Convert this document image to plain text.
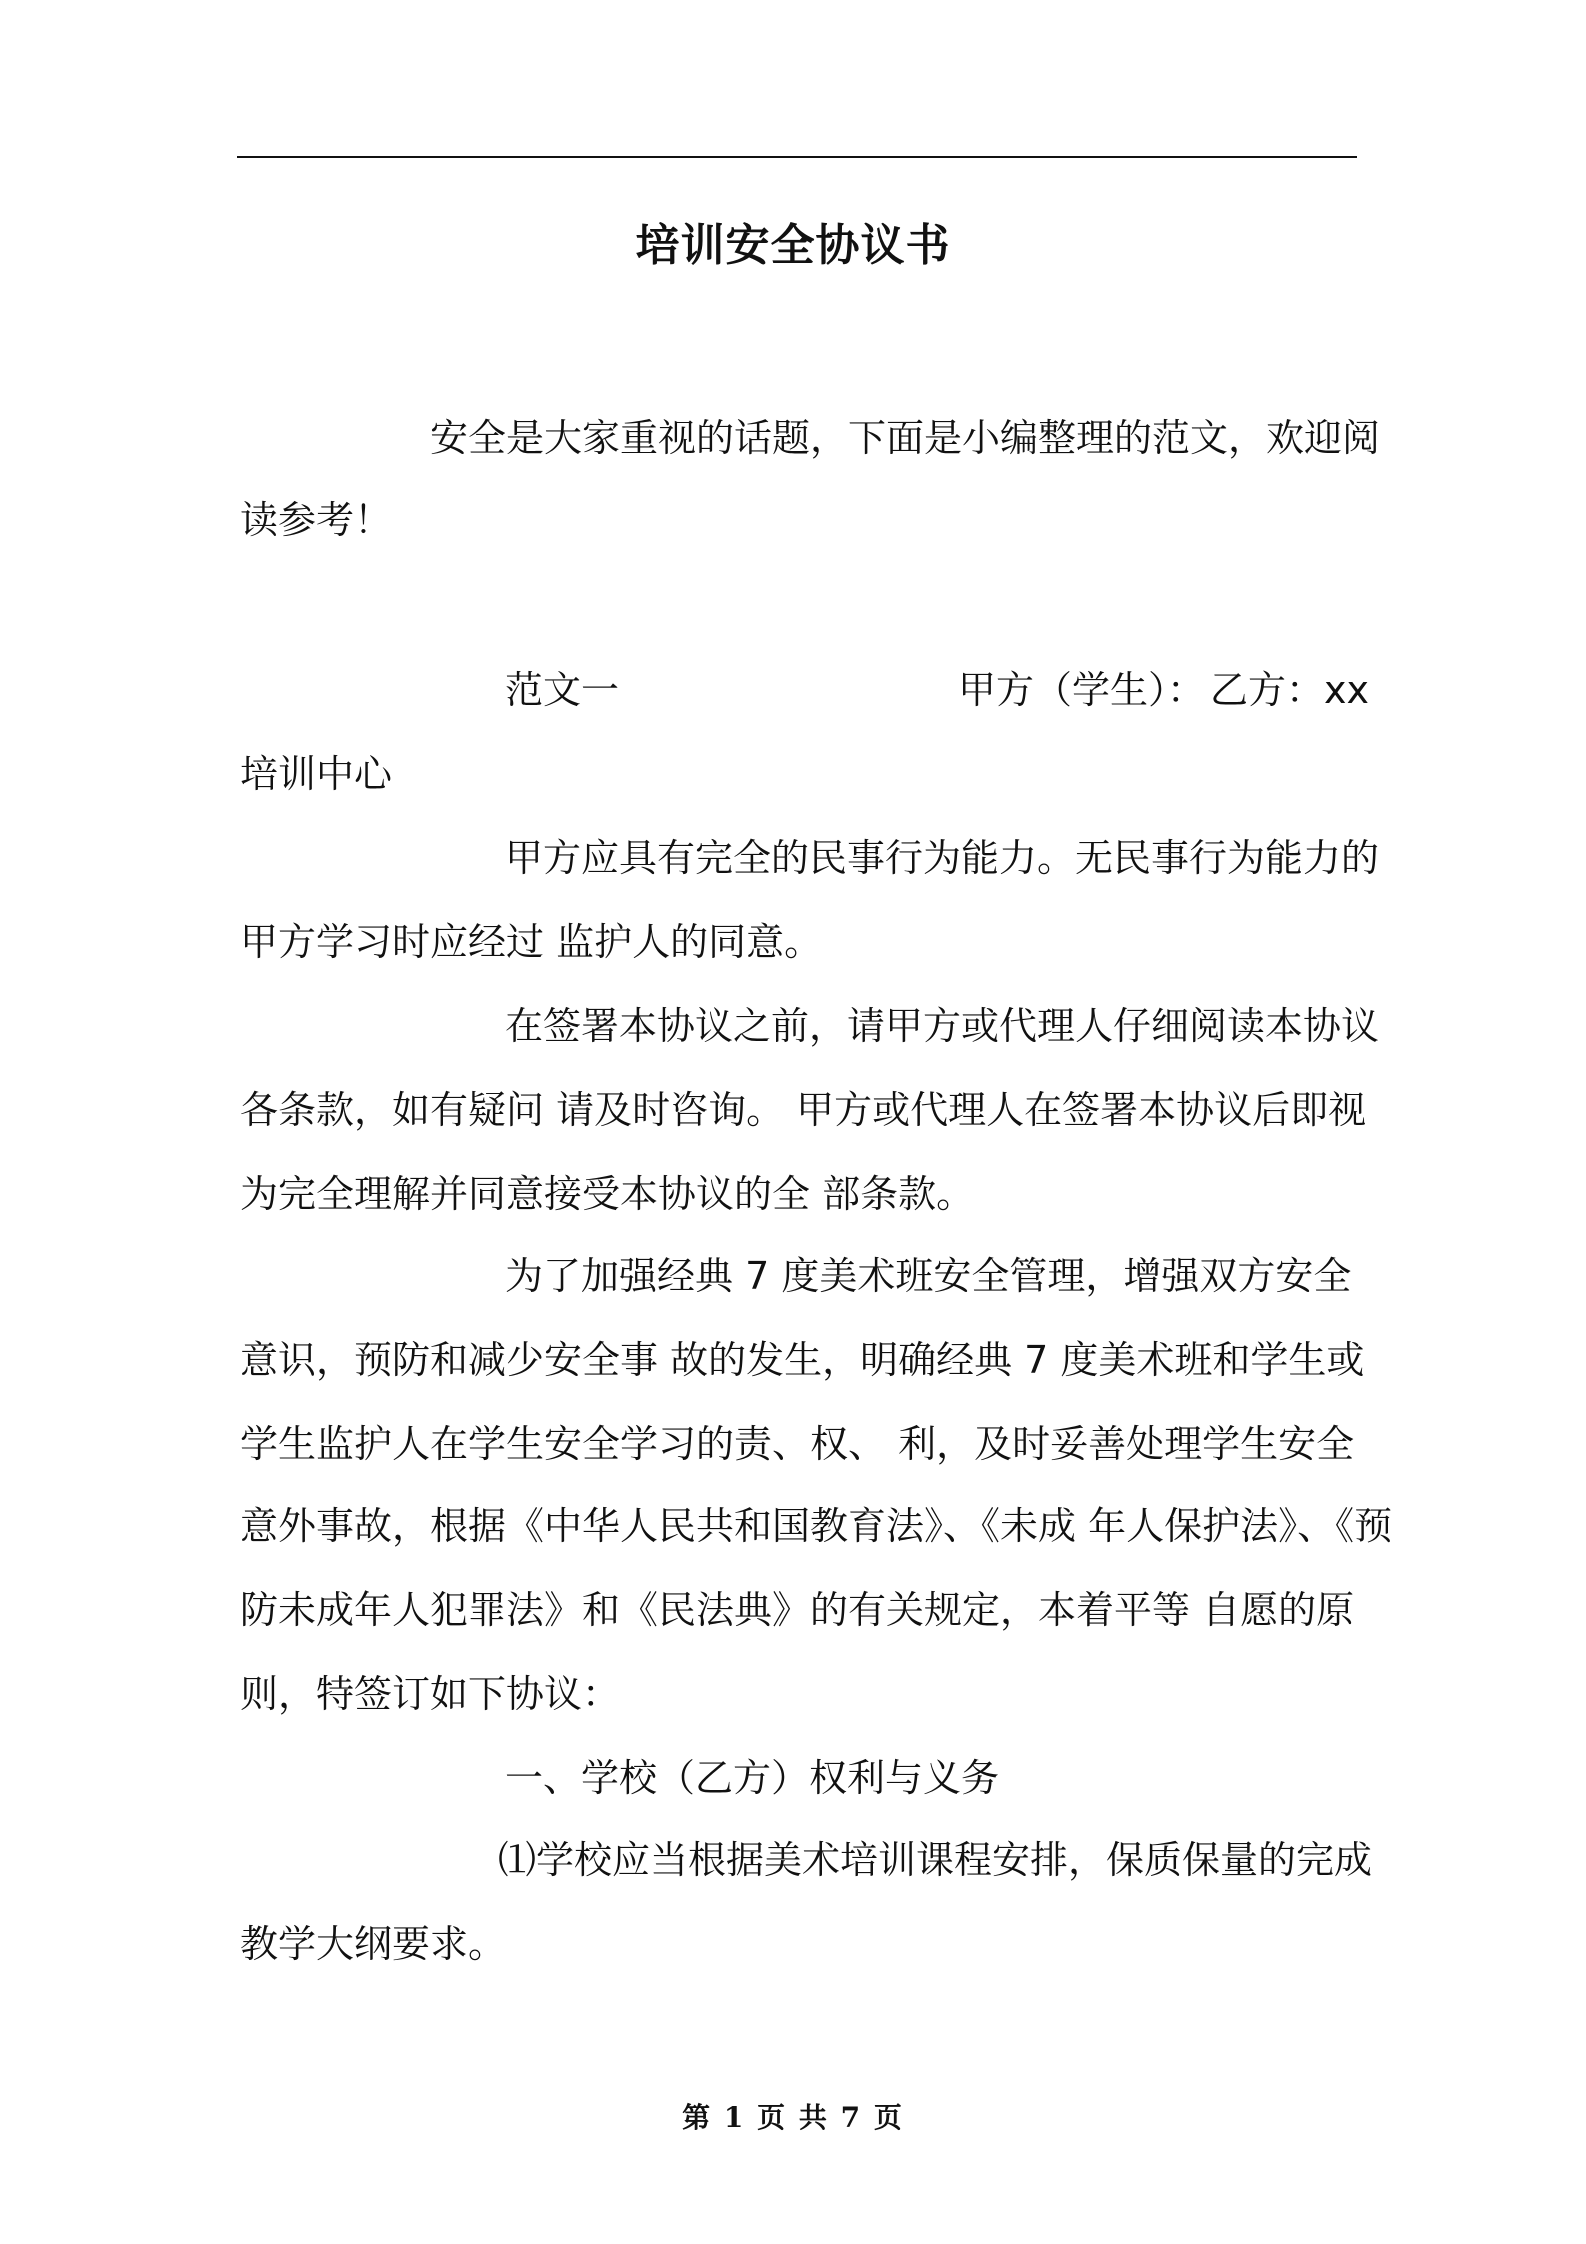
培训安全协议书
安全是大家重视的话题，下面是小编整理的范文，欢迎阅
读参考！
范文一	甲方（学生）： 乙方：xx
培训中心
甲方应具有完全的民事行为能力。无民事行为能力的
甲方学习时应经过 监护人的同意。
在签署本协议之前，请甲方或代理人仔细阅读本协议
各条款，如有疑问 请及时咨询。 甲方或代理人在签署本协议后即视
为完全理解并同意接受本协议的全 部条款。
为了加强经典 7 度美术班安全管理，增强双方安全
意识，预防和减少安全事 故的发生，明确经典 7 度美术班和学生或
学生监护人在学生安全学习的责、权、 利，及时妥善处理学生安全
意外事故，根据《中华人民共和国教育法》、《未成 年人保护法》、《预
防未成年人犯罪法》和《民法典》的有关规定，本着平等 自愿的原
则，特签订如下协议：
一、学校（乙方）权利与义务
⑴学校应当根据美术培训课程安排，保质保量的完成
教学大纲要求。
第 1 页 共 7 页
